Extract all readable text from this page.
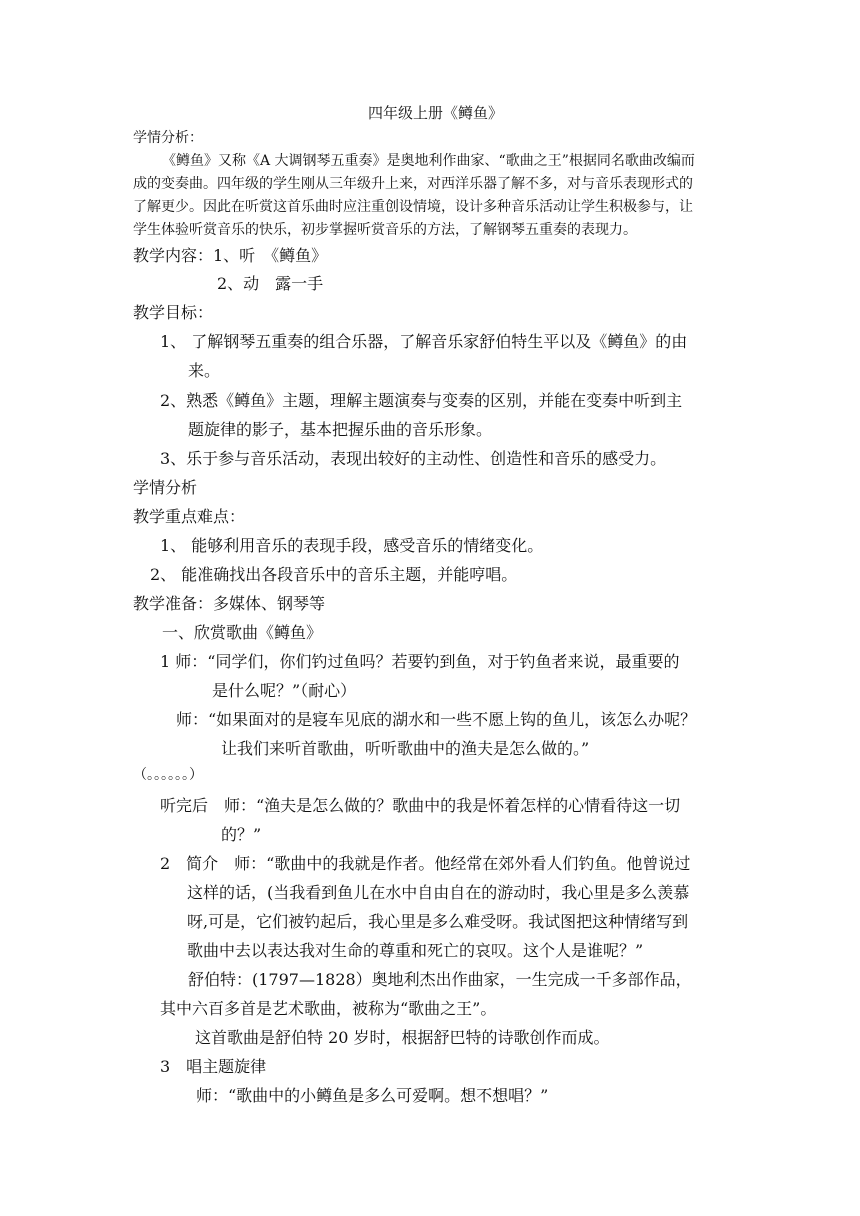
四年级上册《鳟鱼》
学情分析：
《鳟鱼》又称《A 大调钢琴五重奏》是奥地利作曲家、“歌曲之王”根据同名歌曲改编而
成的变奏曲。四年级的学生刚从三年级升上来，对西洋乐器了解不多，对与音乐表现形式的
了解更少。因此在听赏这首乐曲时应注重创设情境，设计多种音乐活动让学生积极参与，让
学生体验听赏音乐的快乐，初步掌握听赏音乐的方法，了解钢琴五重奏的表现力。
教学内容：1、听　《鳟鱼》
2、动　露一手
教学目标：
1、 了解钢琴五重奏的组合乐器，了解音乐家舒伯特生平以及《鳟鱼》的由
来。
2、熟悉《鳟鱼》主题，理解主题演奏与变奏的区别，并能在变奏中听到主
题旋律的影子，基本把握乐曲的音乐形象。
3、乐于参与音乐活动，表现出较好的主动性、创造性和音乐的感受力。
学情分析
教学重点难点：
1、 能够利用音乐的表现手段，感受音乐的情绪变化。
2、 能准确找出各段音乐中的音乐主题，并能哼唱。
教学准备：多媒体、钢琴等
一、欣赏歌曲《鳟鱼》
1 师：“同学们，你们钓过鱼吗？若要钓到鱼，对于钓鱼者来说，最重要的
是什么呢？”（耐心）
师：“如果面对的是寝车见底的湖水和一些不愿上钩的鱼儿，该怎么办呢？
让我们来听首歌曲，听听歌曲中的渔夫是怎么做的。”
（。。。。。。）
听完后　师：“渔夫是怎么做的？歌曲中的我是怀着怎样的心情看待这一切
的？”
2　简介　师：“歌曲中的我就是作者。他经常在郊外看人们钓鱼。他曾说过
这样的话，(当我看到鱼儿在水中自由自在的游动时，我心里是多么羡慕
呀,可是，它们被钓起后，我心里是多么难受呀。我试图把这种情绪写到
歌曲中去以表达我对生命的尊重和死亡的哀叹。这个人是谁呢？”
舒伯特：(1797—1828）奥地利杰出作曲家，一生完成一千多部作品，
其中六百多首是艺术歌曲，被称为“歌曲之王”。
这首歌曲是舒伯特 20 岁时，根据舒巴特的诗歌创作而成。
3　唱主题旋律
师：“歌曲中的小鳟鱼是多么可爱啊。想不想唱？”
